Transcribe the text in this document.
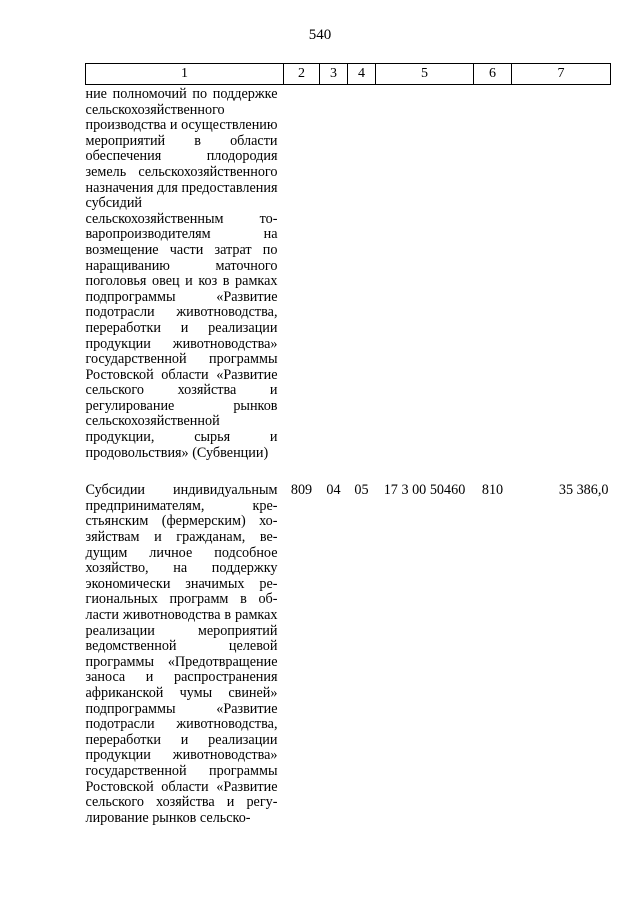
540
1	2	3	4	5	6	7
ние полномочий по поддержке сельскохозяйственного производства и осуществлению мероприятий в области обеспечения плодородия земель сельскохозяйственного назначения для предоставления субсидий сельскохозяйственным товаропроизводителям на возмещение части затрат по наращиванию маточного поголовья овец и коз в рамках подпрограммы «Развитие подотрасли животноводства, переработки и реализации продукции животноводства» государственной программы Ростовской области «Развитие сельского хозяйства и регулирование рынков сельскохозяйственной продукции, сырья и продовольствия» (Субвенции)						
Субсидии индивидуальным предпринимателям, крестьянским (фермерским) хозяйствам и гражданам, ведущим личное подсобное хозяйство, на поддержку экономически значимых региональных программ в области животноводства в рамках реализации мероприятий ведомственной целевой программы «Предотвращение заноса и распространения африканской чумы свиней» подпрограммы «Развитие подотрасли животноводства, переработки и реализации продукции животноводства» государственной программы Ростовской области «Развитие сельского хозяйства и регулирование рынков сельско-	809	04	05	17 3 00 50460	810	35 386,0
